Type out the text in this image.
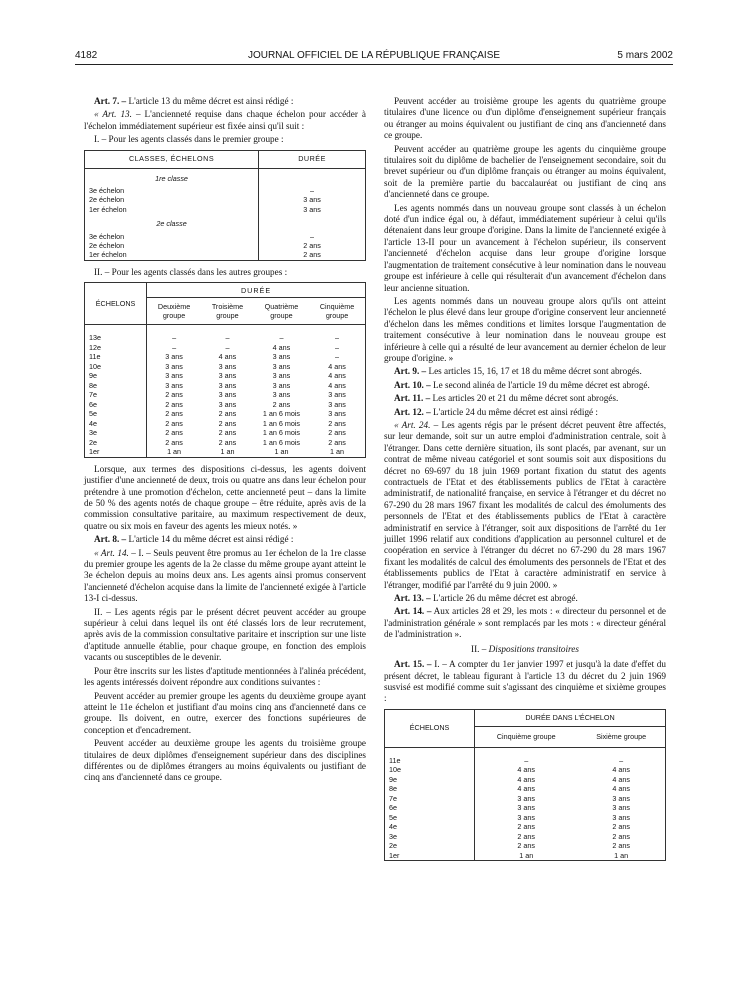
4182	JOURNAL OFFICIEL DE LA RÉPUBLIQUE FRANÇAISE	5 mars 2002

Art. 7. – L'article 13 du même décret est ainsi rédigé :

« Art. 13. – L'ancienneté requise dans chaque échelon pour accéder à l'échelon immédiatement supérieur est fixée ainsi qu'il suit :

I. – Pour les agents classés dans le premier groupe :

CLASSES, ÉCHELONS	DURÉE
1re classe	
3e échelon	–
2e échelon	3 ans
1er échelon	3 ans
2e classe	
3e échelon	–
2e échelon	2 ans
1er échelon	2 ans

II. – Pour les agents classés dans les autres groupes :

ÉCHELONS	DURÉE			
	Deuxième groupe	Troisième groupe	Quatrième groupe	Cinquième groupe

13e	–	–	–	–
12e	–	–	4 ans	–
11e	3 ans	4 ans	3 ans	–
10e	3 ans	3 ans	3 ans	4 ans
9e	3 ans	3 ans	3 ans	4 ans
8e	3 ans	3 ans	3 ans	4 ans
7e	2 ans	3 ans	3 ans	3 ans
6e	2 ans	3 ans	2 ans	3 ans
5e	2 ans	2 ans	1 an 6 mois	3 ans
4e	2 ans	2 ans	1 an 6 mois	2 ans
3e	2 ans	2 ans	1 an 6 mois	2 ans
2e	2 ans	2 ans	1 an 6 mois	2 ans
1er	1 an	1 an	1 an	1 an

Lorsque, aux termes des dispositions ci-dessus, les agents doivent justifier d'une ancienneté de deux, trois ou quatre ans dans leur échelon pour prétendre à une promotion d'échelon, cette ancienneté peut – dans la limite de 50 % des agents notés de chaque groupe – être réduite, après avis de la commission consultative paritaire, au maximum respectivement de deux, quatre ou six mois en faveur des agents les mieux notés. »

Art. 8. – L'article 14 du même décret est ainsi rédigé :

« Art. 14. – I. – Seuls peuvent être promus au 1er échelon de la 1re classe du premier groupe les agents de la 2e classe du même groupe ayant atteint le 3e échelon depuis au moins deux ans. Les agents ainsi promus conservent l'ancienneté d'échelon acquise dans la limite de l'ancienneté exigée à l'article 13-I ci-dessus.

II. – Les agents régis par le présent décret peuvent accéder au groupe supérieur à celui dans lequel ils ont été classés lors de leur recrutement, après avis de la commission consultative paritaire et inscription sur une liste d'aptitude annuelle établie, pour chaque groupe, en fonction des emplois vacants ou susceptibles de le devenir.

Pour être inscrits sur les listes d'aptitude mentionnées à l'alinéa précédent, les agents intéressés doivent répondre aux conditions suivantes :

Peuvent accéder au premier groupe les agents du deuxième groupe ayant atteint le 11e échelon et justifiant d'au moins cinq ans d'ancienneté dans ce groupe. Ils doivent, en outre, exercer des fonctions supérieures de conception et d'encadrement.

Peuvent accéder au deuxième groupe les agents du troisième groupe titulaires de deux diplômes d'enseignement supérieur dans des disciplines différentes ou de diplômes étrangers au moins équivalents ou justifiant de cinq ans d'ancienneté dans ce groupe.

Peuvent accéder au troisième groupe les agents du quatrième groupe titulaires d'une licence ou d'un diplôme d'enseignement supérieur français ou étranger au moins équivalent ou justifiant de cinq ans d'ancienneté dans ce groupe.

Peuvent accéder au quatrième groupe les agents du cinquième groupe titulaires soit du diplôme de bachelier de l'enseignement secondaire, soit du brevet supérieur ou d'un diplôme français ou étranger au moins équivalent, soit de la première partie du baccalauréat ou justifiant de cinq ans d'ancienneté dans ce groupe.

Les agents nommés dans un nouveau groupe sont classés à un échelon doté d'un indice égal ou, à défaut, immédiatement supérieur à celui qu'ils détenaient dans leur groupe d'origine. Dans la limite de l'ancienneté exigée à l'article 13-II pour un avancement à l'échelon supérieur, ils conservent l'ancienneté d'échelon acquise dans leur groupe d'origine lorsque l'augmentation de traitement consécutive à leur nomination dans le nouveau groupe est inférieure à celle qui résulterait d'un avancement d'échelon dans leur ancienne situation.

Les agents nommés dans un nouveau groupe alors qu'ils ont atteint l'échelon le plus élevé dans leur groupe d'origine conservent leur ancienneté d'échelon dans les mêmes conditions et limites lorsque l'augmentation de traitement consécutive à leur nomination dans le nouveau groupe est inférieure à celle qui a résulté de leur avancement au dernier échelon de leur groupe d'origine. »

Art. 9. – Les articles 15, 16, 17 et 18 du même décret sont abrogés.

Art. 10. – Le second alinéa de l'article 19 du même décret est abrogé.

Art. 11. – Les articles 20 et 21 du même décret sont abrogés.

Art. 12. – L'article 24 du même décret est ainsi rédigé :

« Art. 24. – Les agents régis par le présent décret peuvent être affectés, sur leur demande, soit sur un autre emploi d'administration centrale, soit à l'étranger. Dans cette dernière situation, ils sont placés, par avenant, sur un contrat de même niveau catégoriel et sont soumis soit aux dispositions du décret no 69-697 du 18 juin 1969 portant fixation du statut des agents contractuels de l'Etat et des établissements publics de l'Etat à caractère administratif, de nationalité française, en service à l'étranger et du décret no 67-290 du 28 mars 1967 fixant les modalités de calcul des émoluments des personnels de l'Etat et des établissements publics de l'Etat à caractère administratif en service à l'étranger, soit aux dispositions de l'arrêté du 1er juillet 1996 relatif aux conditions d'application au personnel culturel et de coopération en service à l'étranger du décret no 67-290 du 28 mars 1967 fixant les modalités de calcul des émoluments des personnels de l'Etat et des établissements publics de l'Etat à caractère administratif en service à l'étranger, modifié par l'arrêté du 9 juin 2000. »

Art. 13. – L'article 26 du même décret est abrogé.

Art. 14. – Aux articles 28 et 29, les mots : « directeur du personnel et de l'administration générale » sont remplacés par les mots : « directeur général de l'administration ».

II. – Dispositions transitoires

Art. 15. – I. – A compter du 1er janvier 1997 et jusqu'à la date d'effet du présent décret, le tableau figurant à l'article 13 du décret du 2 juin 1969 susvisé est modifié comme suit s'agissant des cinquième et sixième groupes :

ÉCHELONS	DURÉE DANS L'ÉCHELON	
	Cinquième groupe	Sixième groupe

11e	–	–
10e	4 ans	4 ans
9e	4 ans	4 ans
8e	4 ans	4 ans
7e	3 ans	3 ans
6e	3 ans	3 ans
5e	3 ans	3 ans
4e	2 ans	2 ans
3e	2 ans	2 ans
2e	2 ans	2 ans
1er	1 an	1 an
